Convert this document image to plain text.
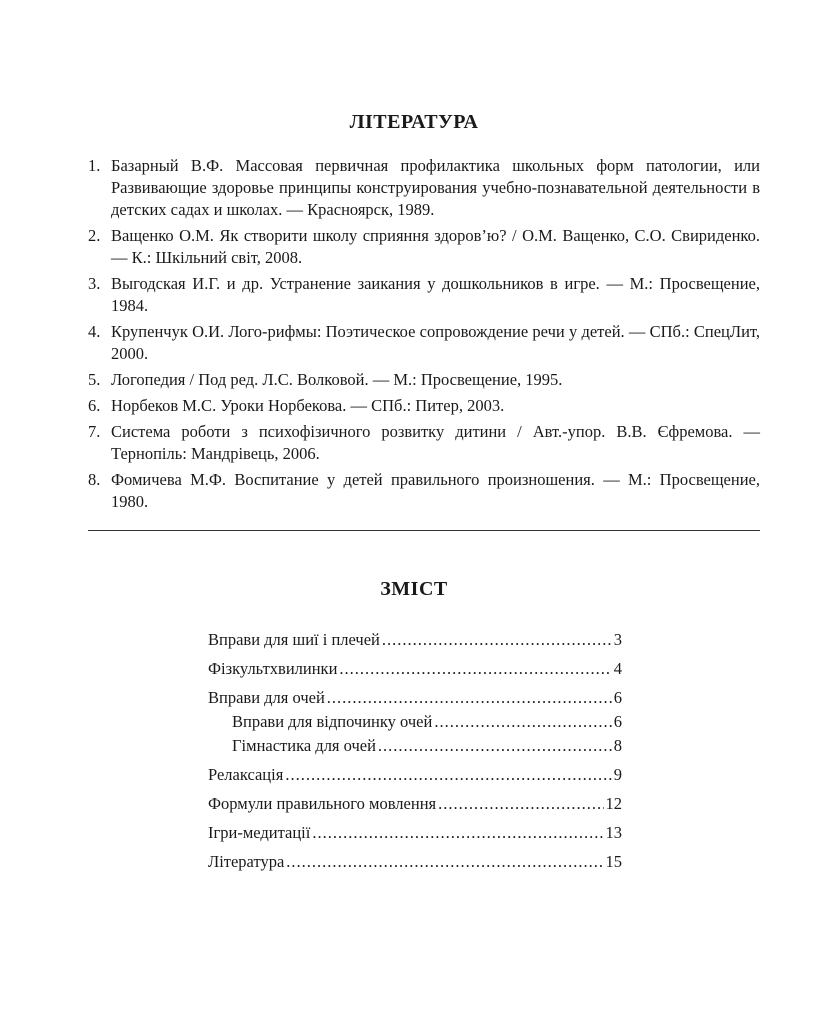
ЛІТЕРАТУРА
1. Базарный В.Ф. Массовая первичная профилактика школьных форм патологии, или Развивающие здоровье принципы конструирования учебно-познавательной деятельности в детских садах и школах. — Красноярск, 1989.
2. Ващенко О.М. Як створити школу сприяння здоров’ю? / О.М. Ващенко, С.О. Свириденко. — К.: Шкільний світ, 2008.
3. Выгодская И.Г. и др. Устранение заикания у дошкольников в игре. — М.: Просвещение, 1984.
4. Крупенчук О.И. Лого-рифмы: Поэтическое сопровождение речи у детей. — СПб.: СпецЛит, 2000.
5. Логопедия / Под ред. Л.С. Волковой. — М.: Просвещение, 1995.
6. Норбеков М.С. Уроки Норбекова. — СПб.: Питер, 2003.
7. Система роботи з психофізичного розвитку дитини / Авт.-упор. В.В. Єфремова. — Тернопіль: Мандрівець, 2006.
8. Фомичева М.Ф. Воспитание у детей правильного произношения. — М.: Просвещение, 1980.
ЗМІСТ
Вправи для шиї і плечей .....	3
Фізкультхвилинки .....	4
Вправи для очей .....	6
Вправи для відпочинку очей .....	6
Гімнастика для очей .....	8
Релаксація .....	9
Формули правильного мовлення .....	12
Ігри-медитації .....	13
Література .....	15
